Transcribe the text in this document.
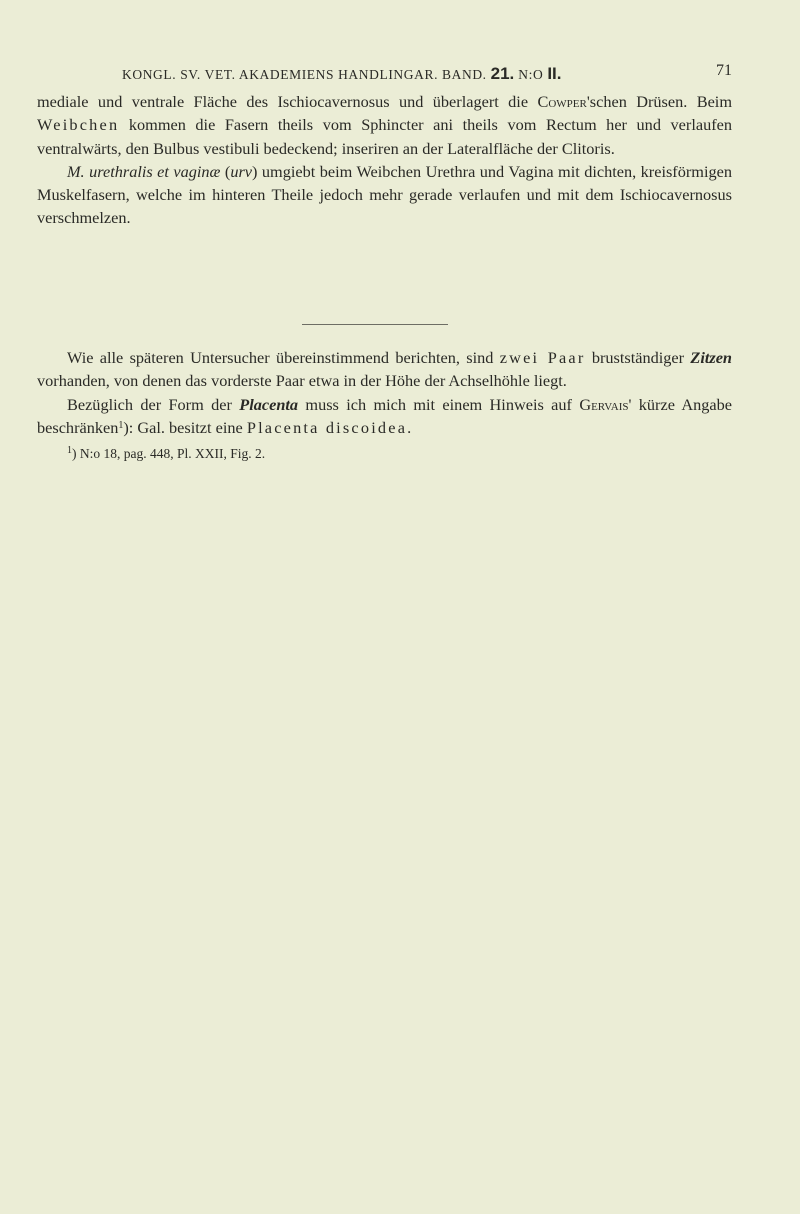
KONGL. SV. VET. AKADEMIENS HANDLINGAR. BAND. 21. N:O II.	71

mediale und ventrale Fläche des Ischiocavernosus und überlagert die Cowper'schen Drüsen. Beim Weibchen kommen die Fasern theils vom Sphincter ani theils vom Rectum her und verlaufen ventralwärts, den Bulbus vestibuli bedeckend; inseriren an der Lateralfläche der Clitoris.

M. urethralis et vaginæ (urv) umgiebt beim Weibchen Urethra und Vagina mit dichten, kreisförmigen Muskelfasern, welche im hinteren Theile jedoch mehr gerade verlaufen und mit dem Ischiocavernosus verschmelzen.

Wie alle späteren Untersucher übereinstimmend berichten, sind zwei Paar brustständiger Zitzen vorhanden, von denen das vorderste Paar etwa in der Höhe der Achselhöhle liegt.

Bezüglich der Form der Placenta muss ich mich mit einem Hinweis auf Gervais' kürze Angabe beschränken$^1$): Gal. besitzt eine Placenta discoidea.

$^1$) N:o 18, pag. 448, Pl. XXII, Fig. 2.
